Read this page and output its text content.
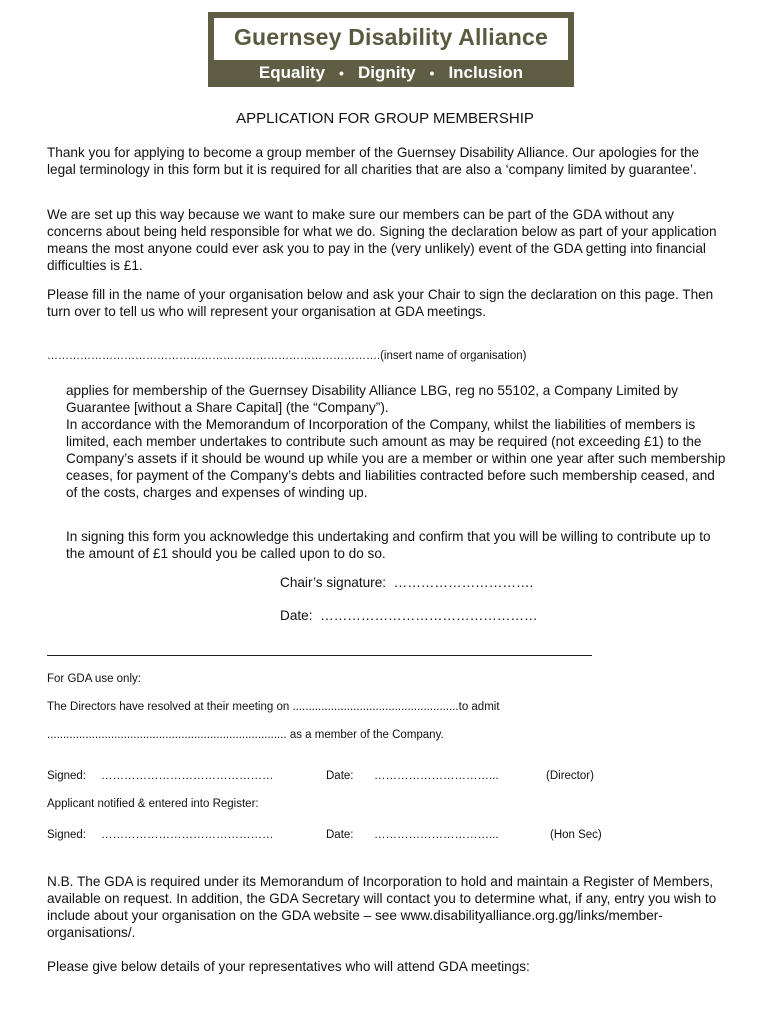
Guernsey Disability Alliance
Equality • Dignity • Inclusion
APPLICATION FOR GROUP MEMBERSHIP

Thank you for applying to become a group member of the Guernsey Disability Alliance. Our apologies for the legal terminology in this form but it is required for all charities that are also a ‘company limited by guarantee’.

We are set up this way because we want to make sure our members can be part of the GDA without any concerns about being held responsible for what we do. Signing the declaration below as part of your application means the most anyone could ever ask you to pay in the (very unlikely) event of the GDA getting into financial difficulties is £1.

Please fill in the name of your organisation below and ask your Chair to sign the declaration on this page. Then turn over to tell us who will represent your organisation at GDA meetings.

……………………………………………………………………………….(insert name of organisation)

applies for membership of the Guernsey Disability Alliance LBG, reg no 55102, a Company Limited by Guarantee [without a Share Capital] (the “Company”).

In accordance with the Memorandum of Incorporation of the Company, whilst the liabilities of members is limited, each member undertakes to contribute such amount as may be required (not exceeding £1) to the Company’s assets if it should be wound up while you are a member or within one year after such membership ceases, for payment of the Company’s debts and liabilities contracted before such membership ceased, and of the costs, charges and expenses of winding up.

In signing this form you acknowledge this undertaking and confirm that you will be willing to contribute up to the amount of £1 should you be called upon to do so.

Chair’s signature: ………………………….
Date: …………………………………………
For GDA use only:
The Directors have resolved at their meeting on ....................................................to admit
........................................................................... as a member of the Company.
Signed: ………………………………………	Date: …………………………...	(Director)
Applicant notified & entered into Register:
Signed: ………………………………………	Date: …………………………...	(Hon Sec)

N.B. The GDA is required under its Memorandum of Incorporation to hold and maintain a Register of Members, available on request. In addition, the GDA Secretary will contact you to determine what, if any, entry you wish to include about your organisation on the GDA website – see www.disabilityalliance.org.gg/links/member-organisations/.

Please give below details of your representatives who will attend GDA meetings:
